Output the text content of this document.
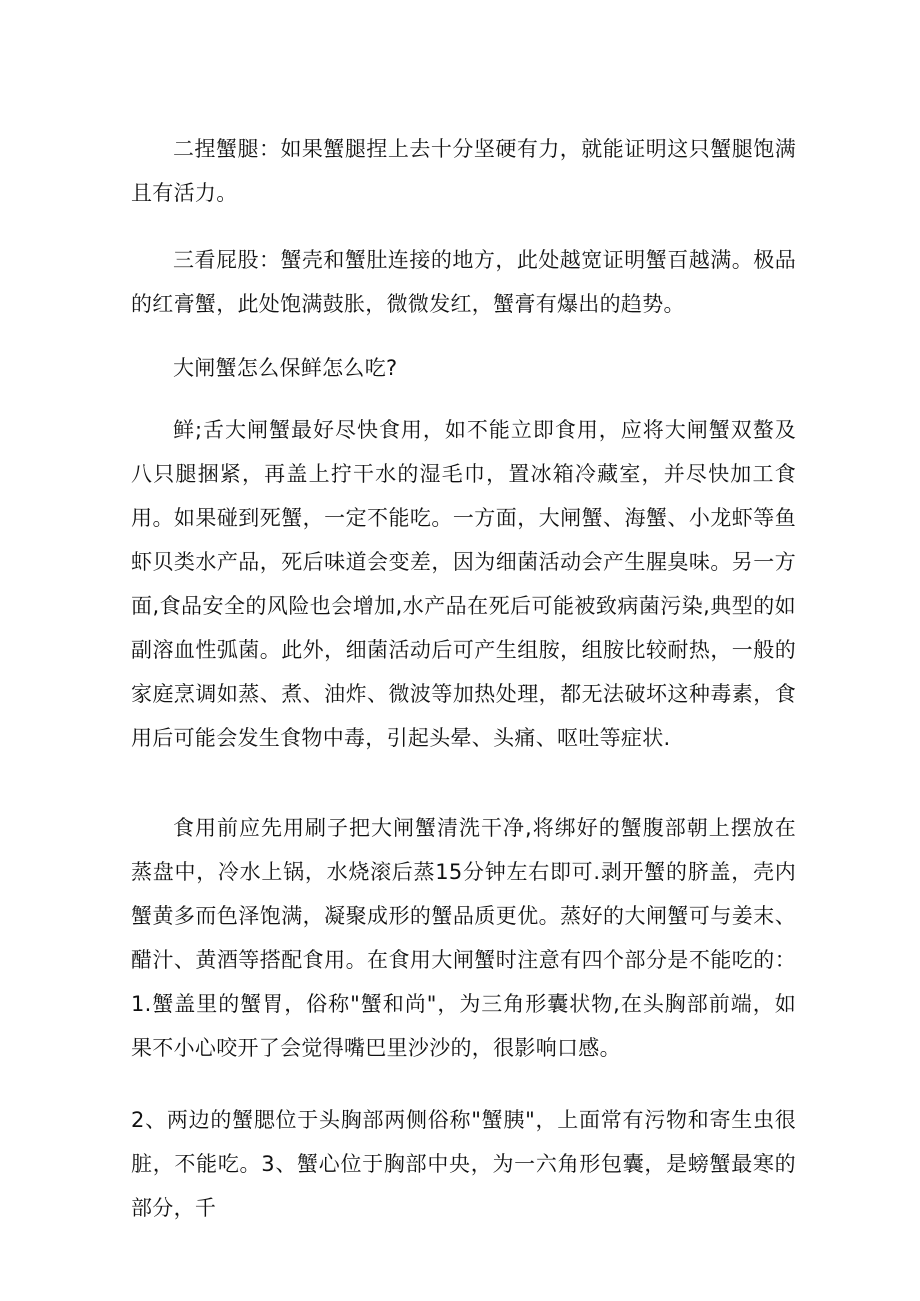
二捏蟹腿：如果蟹腿捏上去十分坚硬有力，就能证明这只蟹腿饱满且有活力。

三看屁股：蟹壳和蟹肚连接的地方，此处越宽证明蟹百越满。极品的红膏蟹，此处饱满鼓胀，微微发红，蟹膏有爆出的趋势。

大闸蟹怎么保鲜怎么吃?

鲜;舌大闸蟹最好尽快食用，如不能立即食用，应将大闸蟹双螯及八只腿捆紧，再盖上拧干水的湿毛巾，置冰箱冷藏室，并尽快加工食用。如果碰到死蟹，一定不能吃。一方面，大闸蟹、海蟹、小龙虾等鱼虾贝类水产品，死后味道会变差，因为细菌活动会产生腥臭味。另一方面,食品安全的风险也会增加,水产品在死后可能被致病菌污染,典型的如副溶血性弧菌。此外，细菌活动后可产生组胺，组胺比较耐热，一般的家庭烹调如蒸、煮、油炸、微波等加热处理，都无法破坏这种毒素，食用后可能会发生食物中毒，引起头晕、头痛、呕吐等症状.

食用前应先用刷子把大闸蟹清洗干净,将绑好的蟹腹部朝上摆放在蒸盘中，冷水上锅，水烧滚后蒸15分钟左右即可.剥开蟹的脐盖，壳内蟹黄多而色泽饱满，凝聚成形的蟹品质更优。蒸好的大闸蟹可与姜末、醋汁、黄酒等搭配食用。在食用大闸蟹时注意有四个部分是不能吃的：1.蟹盖里的蟹胃，俗称"蟹和尚"，为三角形囊状物,在头胸部前端，如果不小心咬开了会觉得嘴巴里沙沙的，很影响口感。

2、两边的蟹腮位于头胸部两侧俗称"蟹胰"，上面常有污物和寄生虫很脏，不能吃。3、蟹心位于胸部中央，为一六角形包囊，是螃蟹最寒的部分，千
